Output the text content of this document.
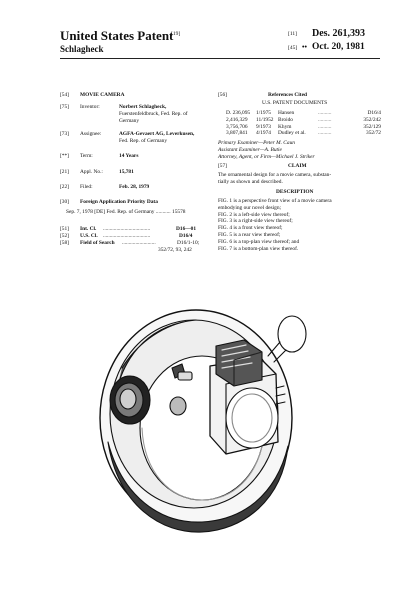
United States Patent
[19]
Schlagheck
[11] Des. 261,393
[45] •• Oct. 20, 1981
[54] MOVIE CAMERA
[75] Inventor:	Norbert Schlagheck,
Fuerstenfeldbruck, Fed. Rep. of
Germany
[73] Assignee:	AGFA-Gevaert AG, Leverkusen,
Fed. Rep. of Germany
[**] Term:	14 Years
[21] Appl. No.:	15,781
[22] Filed:	Feb. 28, 1979
[30] Foreign Application Priority Data
Sep. 7, 1978 [DE] Fed. Rep. of Germany ........... 15578
[51] Int. Cl. ...................................	D16—01
[52] U.S. Cl. ...................................	D16/4
[58] Field of Search .........................	D16/1-10;
352/72, 93, 242
[56]	References Cited
U.S. PATENT DOCUMENTS
D. 236,095 1/1975 Hansen	D16/4
..........
2,416,329 11/1952 Broido	352/242
..........
3,756,706 9/1973 Khym	352/129
..........
3,807,841 4/1974 Dudley et al.	352/72
..........
Primary Examiner—Peter M. Caun
Assistant Examiner—A. Butie
Attorney, Agent, or Firm—Michael J. Striker
[57]	CLAIM
The ornamental design for a movie camera, substan-
tially as shown and described.
DESCRIPTION
FIG. 1 is a perspective front view of a movie camera
embodying our novel design;
FIG. 2 is a left-side view thereof;
FIG. 3 is a right-side view thereof;
FIG. 4 is a front view thereof;
FIG. 5 is a rear view thereof;
FIG. 6 is a top-plan view thereof; and
FIG. 7 is a bottom-plan view thereof.
